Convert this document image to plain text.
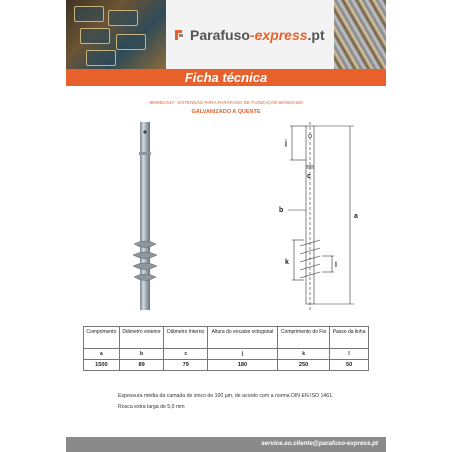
Parafuso -express .pt
Ficha técnica
99095GS47 - EXTENSÃO PARA PARAFUSO DE FUNDAÇÃO 89X50X150
GALVANIZADO A QUENTE
j
c
b
a
k	l
Comprimento	Diâmetro exterior	Diâmetro Interno	Altura do encaixe octogonal	Comprimento do Fio	Passo da linha
a	b	c	j	k	l
1500	89	79	180	250	50
Espessura média da camada de zinco de 100 µm, de acordo com a norma DIN EN ISO 1461.
Rosca extra larga de 5,0 mm
service.ao.cliente@parafuso-express.pt
